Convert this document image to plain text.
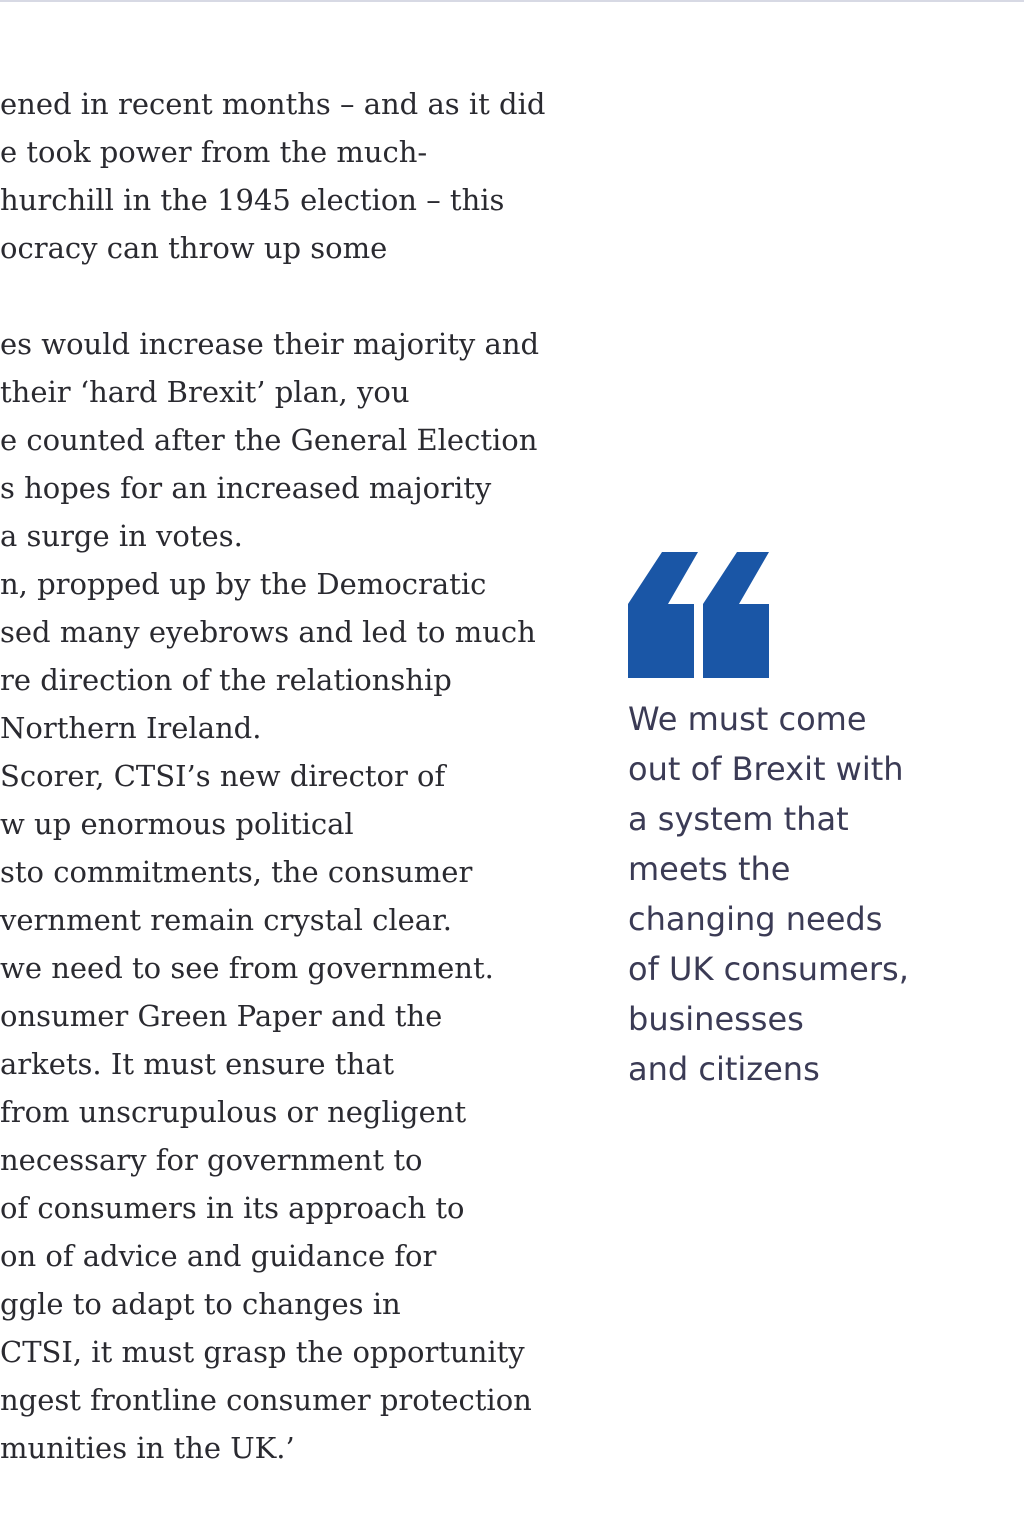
ened in recent months – and as it did
e took power from the much-
hurchill in the 1945 election – this
ocracy can throw up some
es would increase their majority and
their ‘hard Brexit’ plan, you
e counted after the General Election
s hopes for an increased majority
a surge in votes.
n, propped up by the Democratic
sed many eyebrows and led to much
re direction of the relationship
Northern Ireland.
Scorer, CTSI’s new director of
w up enormous political
sto commitments, the consumer
vernment remain crystal clear.
we need to see from government.
onsumer Green Paper and the
arkets. It must ensure that
from unscrupulous or negligent
necessary for government to
of consumers in its approach to
on of advice and guidance for
ggle to adapt to changes in
CTSI, it must grasp the opportunity
ngest frontline consumer protection
munities in the UK.’
We must come
out of Brexit with
a system that
meets the
changing needs
of UK consumers,
businesses
and citizens
